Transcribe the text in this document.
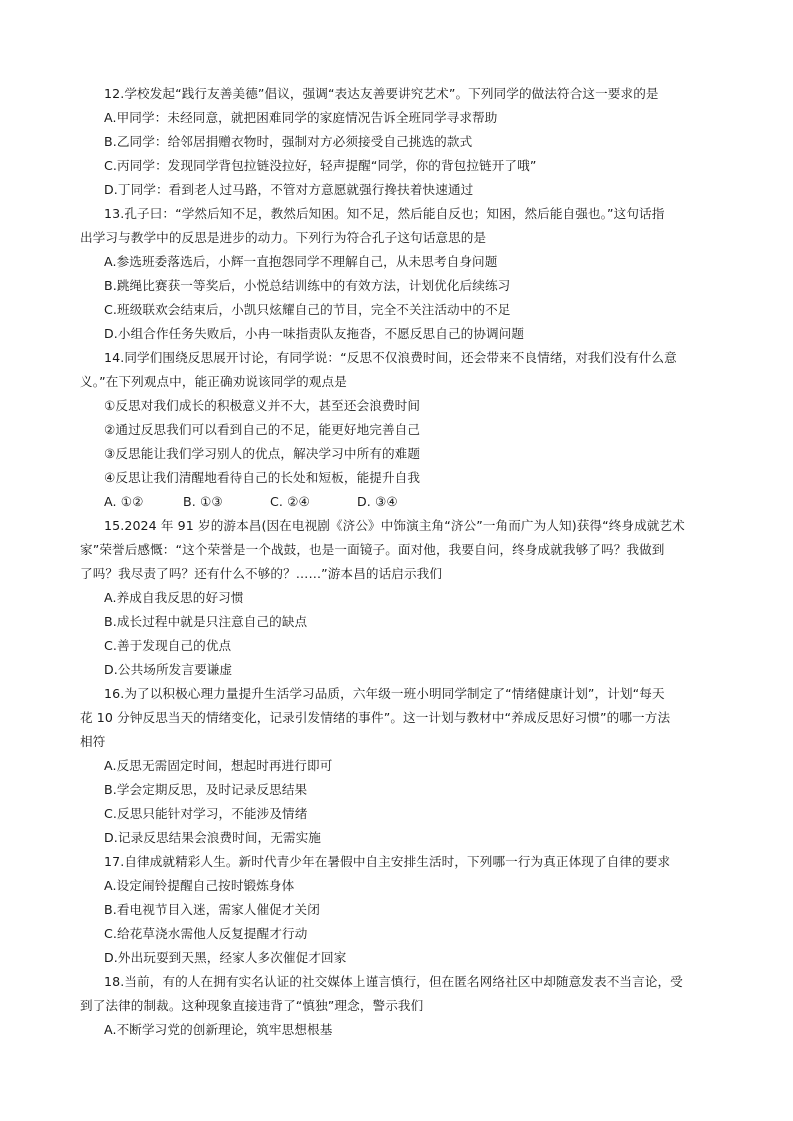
12.学校发起“践行友善美德”倡议，强调“表达友善要讲究艺术”。下列同学的做法符合这一要求的是
A.甲同学：未经同意，就把困难同学的家庭情况告诉全班同学寻求帮助
B.乙同学：给邻居捐赠衣物时，强制对方必须接受自己挑选的款式
C.丙同学：发现同学背包拉链没拉好，轻声提醒“同学，你的背包拉链开了哦”
D.丁同学：看到老人过马路，不管对方意愿就强行搀扶着快速通过
13.孔子曰：“学然后知不足，教然后知困。知不足，然后能自反也；知困，然后能自强也。”这句话指
出学习与教学中的反思是进步的动力。下列行为符合孔子这句话意思的是
A.参选班委落选后，小辉一直抱怨同学不理解自己，从未思考自身问题
B.跳绳比赛获一等奖后，小悦总结训练中的有效方法，计划优化后续练习
C.班级联欢会结束后，小凯只炫耀自己的节目，完全不关注活动中的不足
D.小组合作任务失败后，小冉一味指责队友拖沓，不愿反思自己的协调问题
14.同学们围绕反思展开讨论，有同学说：“反思不仅浪费时间，还会带来不良情绪，对我们没有什么意
义。”在下列观点中，能正确劝说该同学的观点是
①反思对我们成长的积极意义并不大，甚至还会浪费时间
②通过反思我们可以看到自己的不足，能更好地完善自己
③反思能让我们学习别人的优点，解决学习中所有的难题
④反思让我们清醒地看待自己的长处和短板，能提升自我
A. ①②	B. ①③	C. ②④	D. ③④
15.2024 年 91 岁的游本昌(因在电视剧《济公》中饰演主角“济公”一角而广为人知)获得“终身成就艺术
家”荣誉后感慨：“这个荣誉是一个战鼓，也是一面镜子。面对他，我要自问，终身成就我够了吗？我做到
了吗？我尽责了吗？还有什么不够的？……”游本昌的话启示我们
A.养成自我反思的好习惯
B.成长过程中就是只注意自己的缺点
C.善于发现自己的优点
D.公共场所发言要谦虚
16.为了以积极心理力量提升生活学习品质，六年级一班小明同学制定了“情绪健康计划”，计划“每天
花 10 分钟反思当天的情绪变化，记录引发情绪的事件”。这一计划与教材中“养成反思好习惯”的哪一方法
相符
A.反思无需固定时间，想起时再进行即可
B.学会定期反思，及时记录反思结果
C.反思只能针对学习，不能涉及情绪
D.记录反思结果会浪费时间，无需实施
17.自律成就精彩人生。新时代青少年在暑假中自主安排生活时，下列哪一行为真正体现了自律的要求
A.设定闹铃提醒自己按时锻炼身体
B.看电视节目入迷，需家人催促才关闭
C.给花草浇水需他人反复提醒才行动
D.外出玩耍到天黑，经家人多次催促才回家
18.当前，有的人在拥有实名认证的社交媒体上谨言慎行，但在匿名网络社区中却随意发表不当言论，受
到了法律的制裁。这种现象直接违背了“慎独”理念，警示我们
A.不断学习党的创新理论，筑牢思想根基
